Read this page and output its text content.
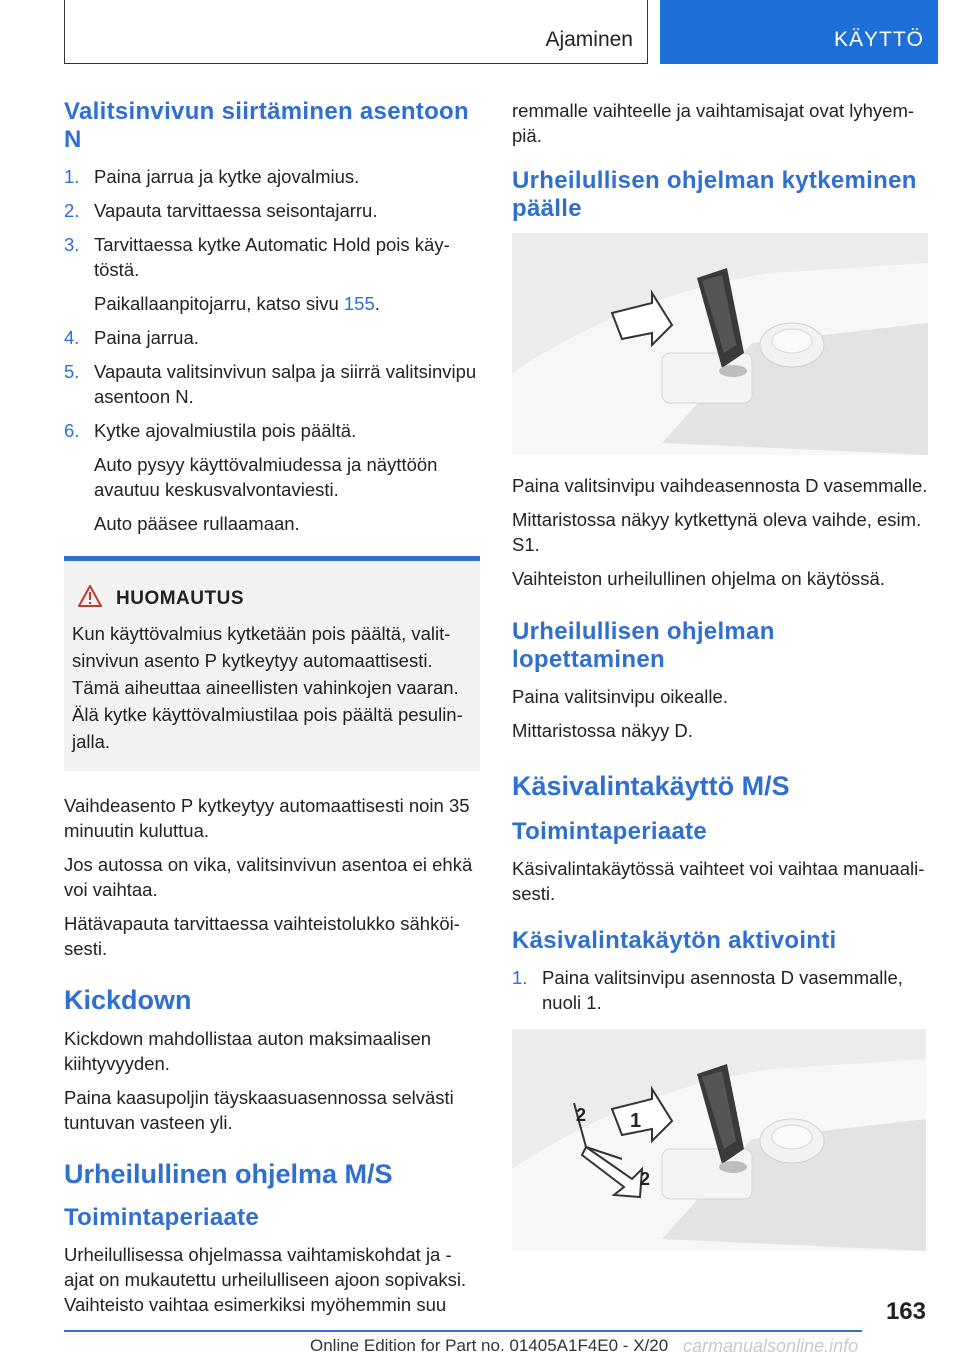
Ajaminen	KÄYTTÖ
Valitsinvivun siirtäminen asentoon N
1. Paina jarrua ja kytke ajovalmius.
2. Vapauta tarvittaessa seisontajarru.
3. Tarvittaessa kytke Automatic Hold pois käytöstä.
Paikallaanpitojarru, katso sivu 155.
4. Paina jarrua.
5. Vapauta valitsinvivun salpa ja siirrä valitsinvipu asentoon N.
6. Kytke ajovalmiustila pois päältä.
Auto pysyy käyttövalmiudessa ja näyttöön avautuu keskusvalvontaviesti.
Auto pääsee rullaamaan.
HUOMAUTUS

Kun käyttövalmius kytketään pois päältä, valitsinvivun asento P kytkeytyy automaattisesti. Tämä aiheuttaa aineellisten vahinkojen vaaran. Älä kytke käyttövalmiustilaa pois päältä pesulinjalla.

Vaihdeasento P kytkeytyy automaattisesti noin 35 minuutin kuluttua.

Jos autossa on vika, valitsinvivun asentoa ei ehkä voi vaihtaa.

Hätävapauta tarvittaessa vaihteistolukko sähköisesti.

Kickdown

Kickdown mahdollistaa auton maksimaalisen kiihtyvyyden.

Paina kaasupoljin täyskaasuasennossa selvästi tuntuvan vasteen yli.

Urheilullinen ohjelma M/S
Toimintaperiaate

Urheilullisessa ohjelmassa vaihtamiskohdat ja -ajat on mukautettu urheilulliseen ajoon sopivaksi. Vaihteisto vaihtaa esimerkiksi myöhemmin suu

remmalle vaihteelle ja vaihtamisajat ovat lyhyempiä.

Urheilullisen ohjelman kytkeminen päälle

Paina valitsinvipu vaihdeasennosta D vasemmalle.

Mittaristossa näkyy kytkettynä oleva vaihde, esim. S1.

Vaihteiston urheilullinen ohjelma on käytössä.

Urheilullisen ohjelman lopettaminen

Paina valitsinvipu oikealle.

Mittaristossa näkyy D.

Käsivalintakäyttö M/S
Toimintaperiaate

Käsivalintakäytössä vaihteet voi vaihtaa manuaalisesti.

Käsivalintakäytön aktivointi
1. Paina valitsinvipu asennosta D vasemmalle, nuoli 1.
1
2
2
163
Online Edition for Part no. 01405A1F4E0 - X/20 carmanualsonline.info
